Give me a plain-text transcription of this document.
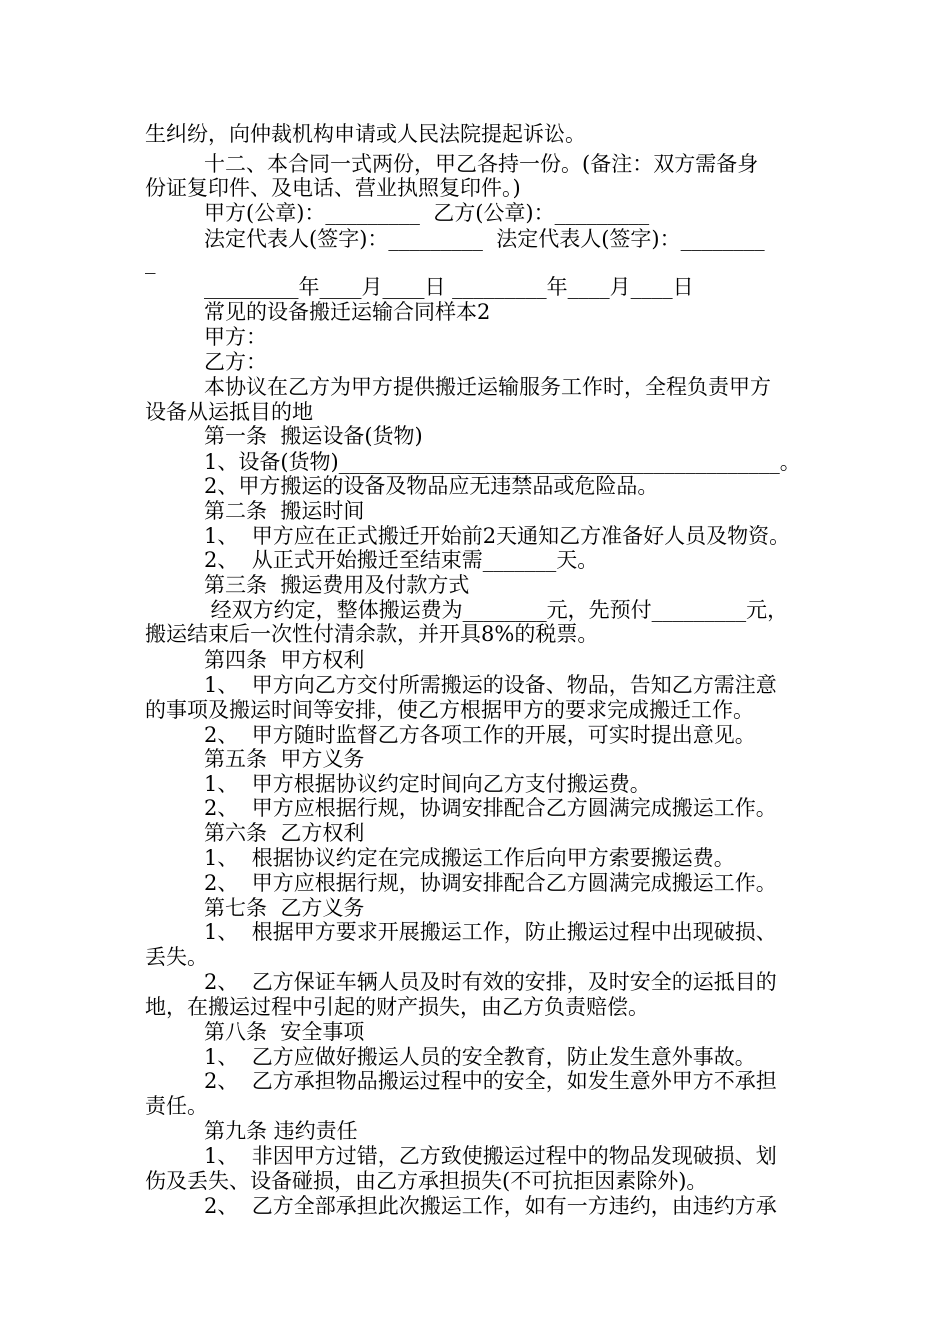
生纠纷，向仲裁机构申请或人民法院提起诉讼。
十二、本合同一式两份，甲乙各持一份。(备注：双方需备身
份证复印件、及电话、营业执照复印件。)
甲方(公章)：_________  乙方(公章)：_________
法定代表人(签字)：_________  法定代表人(签字)：________
_
_________年____月____日 _________年____月____日
常见的设备搬迁运输合同样本2
甲方：
乙方：
本协议在乙方为甲方提供搬迁运输服务工作时，全程负责甲方
设备从运抵目的地
第一条  搬运设备(货物)
1、设备(货物)__________________________________________。
2、甲方搬运的设备及物品应无违禁品或危险品。
第二条  搬运时间
1、  甲方应在正式搬迁开始前2天通知乙方准备好人员及物资。
2、  从正式开始搬迁至结束需_______天。
第三条  搬运费用及付款方式
经双方约定，整体搬运费为________元，先预付_________元，
搬运结束后一次性付清余款，并开具8%的税票。
第四条  甲方权利
1、  甲方向乙方交付所需搬运的设备、物品，告知乙方需注意
的事项及搬运时间等安排，使乙方根据甲方的要求完成搬迁工作。
2、  甲方随时监督乙方各项工作的开展，可实时提出意见。
第五条  甲方义务
1、  甲方根据协议约定时间向乙方支付搬运费。
2、  甲方应根据行规，协调安排配合乙方圆满完成搬运工作。
第六条  乙方权利
1、  根据协议约定在完成搬运工作后向甲方索要搬运费。
2、  甲方应根据行规，协调安排配合乙方圆满完成搬运工作。
第七条  乙方义务
1、  根据甲方要求开展搬运工作，防止搬运过程中出现破损、
丢失。
2、  乙方保证车辆人员及时有效的安排，及时安全的运抵目的
地，在搬运过程中引起的财产损失，由乙方负责赔偿。
第八条  安全事项
1、  乙方应做好搬运人员的安全教育，防止发生意外事故。
2、  乙方承担物品搬运过程中的安全，如发生意外甲方不承担
责任。
第九条 违约责任
1、  非因甲方过错，乙方致使搬运过程中的物品发现破损、划
伤及丢失、设备碰损，由乙方承担损失(不可抗拒因素除外)。
2、  乙方全部承担此次搬运工作，如有一方违约，由违约方承
